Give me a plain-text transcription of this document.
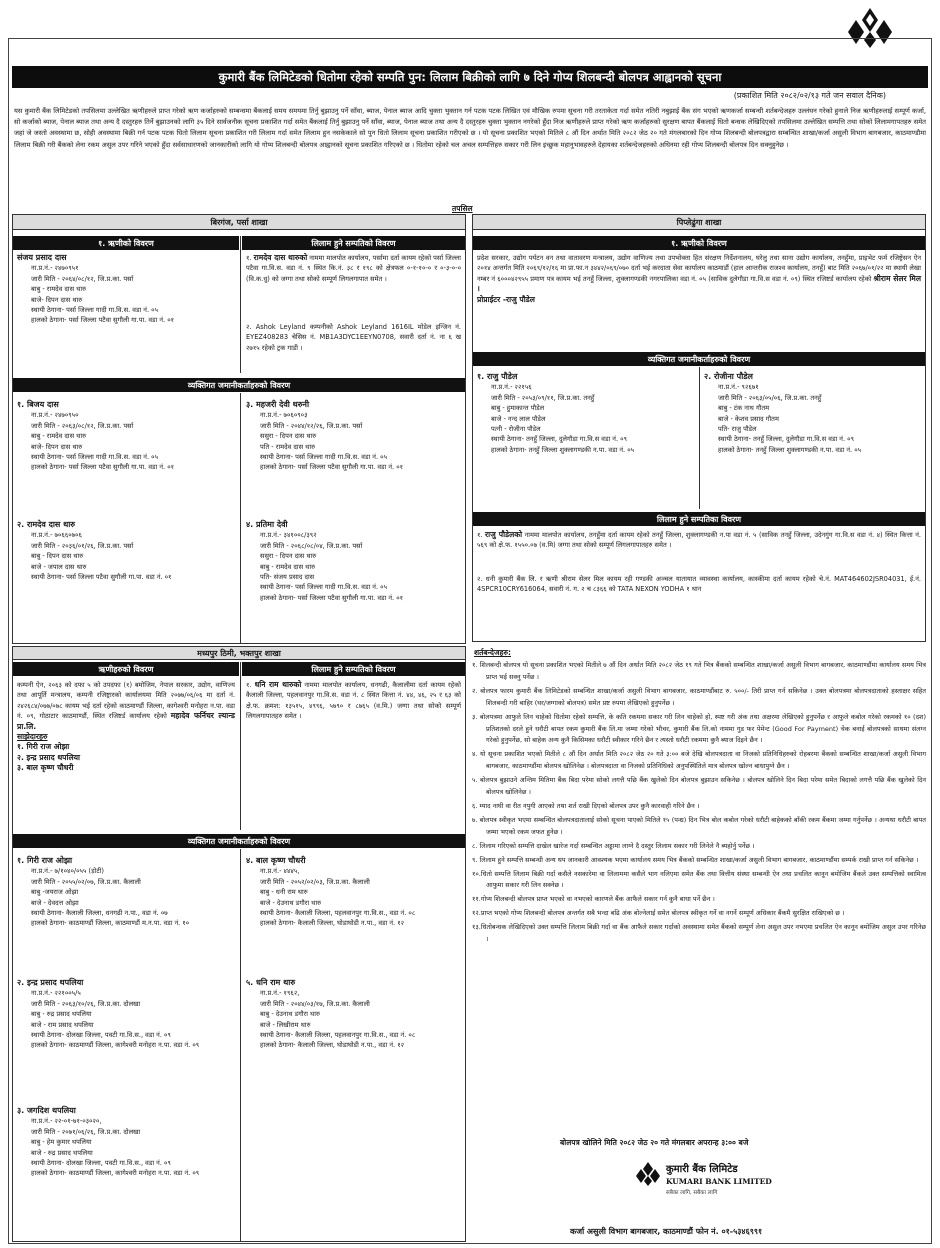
कुमारी बैंक लिमिटेडको धितोमा रहेको सम्पति पुन: लिलाम बिक्रीको लागि ७ दिने गोप्य शिलबन्दी बोलपत्र आह्वानको सूचना
(प्रकाशित मिति २०८२/०२/१३ गते जन सवाल दैनिक)

यस कुमारी बैंक लिमिटेडको तपसिलमा उल्लेखित ऋणीहरुले प्राप्त गरेको ऋण कर्जाहरुको सम्बन्धमा बैंकलाई समय समयमा तिर्नु बुझाउनु पर्ने साँवा, ब्याज, पेनाल ब्याज आदि चुक्ता भुक्तान गर्न पटक पटक लिखित एवं मौखिक रुपमा सूचना गरी तरताकेता गर्दा समेत नतिरी नबुझाई बैंक संग भएको ऋणकर्जा सम्बन्धी शर्तबन्देजहरु उल्लंघन गरेको हुनाले निज ऋणीहरुलाई सम्पूर्ण कर्जा, सो कर्जाको ब्याज, पेनाल ब्याज तथा अन्य दै दस्तुरहरु तिर्ने बुझाउनको लागि ३५ दिने सार्वजनीक सूचना प्रकाशित गर्दा समेत बैंकलाई तिर्नु बुझाउनु पर्ने साँवा, ब्याज, पेनाल ब्याज तथा अन्य दै दस्तुरहरु चुक्ता भुक्तान नगरेको हुँदा निज ऋणीहरुले प्राप्त गरेको ऋण कर्जाहरुको सुरक्षण बापत बैंकलाई धितो बन्धक लेखिदिएको तपसिलमा उल्लेखित सम्पत्ति तथा सोको लिलामगापतहरु समेत जहां जे जस्तो अवस्थामा छ, सोही अवस्थामा बिक्री गर्न पटक पटक धितो लिलाम सूचना प्रकाशित गरी लिलाम गर्दा समेत लिलाम हुन नसकेकाले सो पुन धितो लिलाम सूचना प्रकाशित गरीएको छ । यो सूचना प्रकाशित भएको मितिले ८ औं दिन अर्थात मिति २०८२ जेठ २० गते मंगलबारको दिन गोप्य शिलबन्दी बोलपत्रद्वारा सम्बन्धित शाखा/कर्जा असुली विभाग बागबजार, काठमाण्डौमा लिलाम बिक्री गरी बैंकको लेना रकम असुल उपर गरिने भएको हुँदा सर्वसाधारणको जानकारीको लागि यो गोप्य शिलबन्दी बोलपत्र आह्वानको सूचना प्रकाशित गरिएको छ । धितोमा रहेको चल अचल सम्पत्तिहरु सकार गरी लिन इच्छुक महानुभावहरुले देहायका शर्तबन्देजहरुको अधिनमा रही गोप्य शिलबन्दी बोलपत्र दिन सक्नुहुनेछ ।

तपसिल
बिरगंज, पर्सा शाखा
१. ऋणीको विवरण	लिलाम हुने सम्पतिको विवरण
संजय प्रसाद दास
ना.प्र.नं.- २४७०९५१
जारी मिति - २०६४/०८/१२, जि.प्र.का. पर्सा
बाबु - रामदेव दास थारु
बाजे- दिपन दास थारु
स्थायी ठेगाना- पर्सा जिल्ला गादी गा.वि.स. वडा नं. ०५
हालको ठेगाना- पर्सा जिल्ला पटैवा सुगौली गा.पा. वडा नं. ०१
१. रामदेव दास थारुको नाममा मालपोत कार्यालय, पर्सामा दर्ता कायम रहेको पर्सा जिल्ला पटैवा गा.वि.स. वडा नं. ९ स्थित कि.नं. ३८ र १९८ को क्षेत्रफल ०-१-१०-० र ०-३-०-० (वि.क.धु) को जग्गा तथा सोको सम्पूर्ण लिगलगापात समेत ।
२. Ashok Leyland कम्पनीको Ashok Leyland 1616IL मोडेल इन्जिन नं. EYEZ408283 चेसिस नं. MB1A3DYC1EEYN0708, सवारी दर्ता नं. ना ६ ख २७१५ रहेको ट्रक गाडी ।
व्यक्तिगत जमानीकर्ताहरुको विवरण
१. बिजय दास
ना.प्र.नं.- २४७०९५०
जारी मिति - २०६३/०८/१२, जि.प्र.का. पर्सा
बाबु - रामदेव दास थारु
बाजे- दिपन दास थारु
स्थायी ठेगाना- पर्सा जिल्ला गादी गा.वि.स. वडा नं. ०५
हालको ठेगाना- पर्सा जिल्ला पटैवा सुगौली गा.पा. वडा नं. ०१
३. महजरी देवी थरुनी
ना.प्र.नं.- ७०६०९०३
जारी मिति - २०४४/१२/२६, जि.प्र.का. पर्सा
ससुरा - दिपन दास थारु
पति - रामदेव दास थारु
स्थायी ठेगाना- पर्सा जिल्ला गादी गा.वि.स. वडा नं. ०५
हालको ठेगाना- पर्सा जिल्ला पटैवा सुगौली गा.पा. वडा नं. ०१
२. रामदेव दास थारु
ना.प्र.नं.- ७०६६०७०६
जारी मिति - २०३६/०१/२६, जि.प्र.का. पर्सा
बाबु - दिपन दास थारु
बाजे - जपाल दास थारु
स्थायी ठेगाना- पर्सा जिल्ला पटैवा सुगौली गा.पा. वडा नं. ०१
४. प्रतिमा देवी
ना.प्र.नं.- ३४१००८/३९२
जारी मिति - २०६८/०८/०४, जि.प्र.का. पर्सा
ससुरा - दिपन दास थारु
बाबु - रामदेव दास थारु
पति- संजय प्रसाद दास
स्थायी ठेगाना- पर्सा जिल्ला गादी गा.वि.स. वडा नं. ०५
हालको ठेगाना- पर्सा जिल्ला पटैवा सुगौली गा.पा. वडा नं. ०१
मध्यपुर ठिमी, भक्तपुर शाखा
ऋणीहरुको विवरण	लिलाम हुने सम्पतिको विवरण
कम्पनी ऐन, २०६३ को दफा ५ को उपदफा (१) बमोजिम, नेपाल सरकार, उद्योग, वाणिज्य तथा आपूर्ति मन्त्रालय, कम्पनी रजिष्ट्रारको कार्यालयमा मिति २०७७/०६/०६ मा दर्ता नं. २४२६८४/०७७/०७८ कायम भई दर्ता रहेको काठमाण्डौं जिल्ला, कागेश्वरी मनोहरा न.पा. वडा नं. ०९, गोठाटार काठमाण्डौं, स्थित रजिष्टर्ड कार्यालय रहेको महादेव फर्निचर ल्यान्ड प्रा.लि.
साझेदारहरु
१. गिरी राज ओझा
२. इन्द्र प्रसाद थपलिया
३. बाल कृष्ण चौधरी
१. धनि राम थारुको नाममा मालपोत कार्यालय, धनगढी, कैलालीमा दर्ता कायम रहेको कैलाली जिल्ला, पहलवानपुर गा.वि.स. वडा नं. ८ स्थित कित्ता नं. ४४, ४६, २५ र ६३ को क्षे.फ. क्रमश: १३५१५, ४९९६, ५७९० र ८७६५ (व.मि.) जग्गा तथा सोको सम्पूर्ण लिगलगापातहरु समेत ।
व्यक्तिगत जमानीकर्ताहरुको विवरण
१. गिरी राज ओझा
ना.प्र.नं.- ७/१०४०/०५५ (ड़ोटी)
जारी मिति - २०५५/०२/०७, जि.प्र.का. कैलाली
बाबु -जयराज ओझा
बाजे - देवदत्त ओझा
स्थायी ठेगाना- कैलाली जिल्ला, धनगढी न.पा., वडा नं. ०७
हालको ठेगाना- काठमाण्डौं जिल्ला, काठमाण्डौं म.न.पा. वडा नं. १०
२. इन्द्र प्रसाद थपलिया
ना.प्र.नं.- २२१००५/५
जारी मिति - २०६३/१०/२६, जि.प्र.का. दोलखा
बाबु - रुद्र प्रसाद थपलिया
बाजे - राम प्रसाद थपलिया
स्थायी ठेगाना- दोलखा जिल्ला, पवटी गा.वि.स., वडा नं. ०९
हालको ठेगाना- काठमाण्डौं जिल्ला, कागेश्वरी मनोहरा न.पा. वडा नं. ०९
३. जगदिश थपलिया
ना.प्र.नं.- २२-०१-७१-०३०२०,
जारी मिति - २०७१/०६/२६, जि.प्र.का. दोलखा
बाबु - हेम कुमार थपलिया
बाजे - रुद्र प्रसाद थपलिया
स्थायी ठेगाना- दोलखा जिल्ला, पवटी गा.वि.स., वडा नं. ०९
हालको ठेगाना- काठमाण्डौं जिल्ला, कागेश्वरी मनोहरा न.पा. वडा नं. ०९
४. बाल कृष्ण चौधरी
ना.प्र.नं.- ४४४५,
जारी मिति - २०५२/०२/०३, जि.प्र.का. कैलाली
बाबु - धनी राम थारु
बाजे - देउनाथ डगौरा थारु
स्थायी ठेगाना- कैलाली जिल्ला, पहलवानपुर गा.वि.स., वडा नं. ०८
हालको ठेगाना- कैलाली जिल्ला, घोडाघोडी न.पा., वडा नं. १२
५. धनि राम थारु
ना.प्र.नं.- १९६२,
जारी मिति - २०४४/०३/१७, जि.प्र.का. कैलाली
बाबु - देउनाथ डगौरा थारु
बाजे - लिखीराम थारु
स्थायी ठेगाना- कैलाली जिल्ला, पहलवानपुर गा.वि.स., वडा नं. ०८
हालको ठेगाना- कैलाली जिल्ला, घोडाघोडी न.पा., वडा नं. १२
पिप्लेढुंगा शाखा
१. ऋणीको विवरण
प्रदेश सरकार, उद्योग पर्यटन वन तथा वातावरण मन्त्रालय, उद्योग वाणिज्य तथा उपभोक्ता हित संरक्षण निर्देशनालय, घरेलु तथा साना उद्योग कार्यालय, तनहुँमा, प्राइभेट फर्म रजिष्ट्रेसन ऐन २०१४ अन्तर्गत मिति २०६९/१२/१६ मा प्रा.फा.न ३४४२/०६९/०७० दर्ता भई करदाता सेवा कार्यालय काठमाडौं (हाल आन्तरीक राजश्व कार्यालय, तनहुँ) बाट मिति २०६७/०१/२२ मा स्थायी लेखा नम्बर नं ६०००४२९५५ प्रमाण पत्र कायम भई तनहुँ जिल्ला, शुक्लागण्डकी नगरपालिका वडा नं. ०५ (साविक दुलेगौडा गा.वि.स वडा नं. ०९) स्थित रजिष्टर्ड कार्यालय रहेको श्रीराम सेलर मिल ।
प्रोप्राईटर -राजु पौडेल
व्यक्तिगत जमानीकर्ताहरुको विवरण
१. राजु पौडेल
ना.प्र.नं.- २२१५६
जारी मिति - २०५३/०९/११, जि.प्र.का. तनहुँ
बाबु - हुमाकान्त पौडेल
बाजे - नन्द लाल पौडेल
पत्नी - रोजीना पौडेल
स्थायी ठेगाना- तनहुँ जिल्ला, दुलेगौडा गा.वि.स वडा नं. ०९
हालको ठेगाना- तनहुँ जिल्ला शुक्लागण्डकी न.पा. वडा नं. ०५
२. रोजीना पौडेल
ना.प्र.नं.- ९२६७१
जारी मिति - २०६३/०५/०६, जि.प्र.का. तनहुँ
बाबु - टंक नाथ गौतम
बाजे - केशव प्रसाद गौतम
पति- राजु पौडेल
स्थायी ठेगाना- तनहुँ जिल्ला, दुलेगौडा गा.वि.स वडा नं. ०९
हालको ठेगाना- तनहुँ जिल्ला शुक्लागण्डकी न.पा. वडा नं. ०५
लिलाम हुने सम्पतिका विवरण
१. राजु पौडेलको नाममा मालपोत कार्यालय, तनहुँमा दर्ता कायम रहेको तनहुँ जिल्ला, शुक्लागण्डकी न.पा वडा नं. ५ (साविक तनहुँ जिल्ला, उदेनगुंग गा.वि.स वडा नं. ४) स्थित कित्ता नं. ५६९ को क्षे.फ. १५५०.०७ (व.मि) जग्गा तथा सोको सम्पूर्ण लिगलगापातहरु समेत ।
२. धनी कुमारी बैंक लि. र ऋणी श्रीराम सेलर मिल कायम रही गण्डकी अञ्चल यातायात व्यावस्था कार्यालय, कास्कीमा दर्ता कायम रहेको चे.नं. MAT464602JSR04031, ई.नं. 4SPCR10CRY616064, सवारी नं. ग. २ च ८३६६ को TATA NEXON YODHA १ थान
शर्तबन्देजहरु:
१. शिलबन्दी बोलपत्र यो सूचना प्रकाशित भएको मितीले ७ औं दिन अर्थात मिति २०८२ जेठ १९ गते भित्र बैंकको सम्बन्धित शाखा/कर्जा असुली विभाग बागबजार, काठमाण्डौंमा कार्यालय समय भित्र प्राप्त भई सक्नु पर्नेछ ।
२. बोलपत्र फारम कुमारी बैंक लिमिटेडको सम्बन्धित शाखा/कर्जा असुली विभाग बागबजार, काठमाण्डौंबाट रु. ५००/- तिरी प्राप्त गर्न सकिनेछ । उक्त बोलपत्रमा बोलपत्रदाताको हस्ताक्षर सहित शिलबन्दी गरी बाहिर (घर/जग्गाको बोलपत्र) समेत प्रष्ट रुपमा लेखिएको हुनुपर्नेछ ।
३. बोलपत्रमा आफुले लिन चाहेको धितोमा रहेको सम्पत्ति, के कति रकममा सकार गरी लिन चाहेको हो, स्पष्ट गरी अंक तथा अक्षरमा लेखिएको हुनुपर्नेछ र आफुले कबोल गरेको रकमको १० (दश) प्रतिशतको दरले हुने धरौटी बापत रकम कुमारी बैंक लि.मा जम्मा गरेको भौचर, कुमारी बैंक लि.को नाममा गुड फर पेमेन्ट (Good For Payment) चेक बनाई बोलपत्रको साथमा संलग्न गरेको हुनुपर्नेछ, सो बाहेक अन्य कुनै किसिमका धरौटी स्वीकार गरिने छैन र त्यस्तो धरौटी रकममा कुनै ब्याज दिइने छैन ।
४. यो सूचना प्रकाशित भएको मितीले ८ औं दिन अर्थात मिति २०८२ जेठ २० गते ३:०० बजे देखि बोलपत्रदाता वा निजको प्रतिनिधिहरुको रोहबरमा बैंकको सम्बन्धित शाखा/कर्जा असुली विभाग बागबजार, काठमाण्डौंमा बोलपत्र खोलिनेछ । बोलपत्रदाता वा निजको प्रतिनिधिको अनुपस्थितिले मात्र बोलपत्र खोल्न बाधापुग्ने छैन ।
५. बोलपत्र बुझाउने अन्तिम मितिमा बैंक बिदा परेमा सोको लगत्तै पछि बैंक खुलेको दिन बोलपत्र बुझाउन सकिनेछ । बोलपत्र खोलिने दिन बिदा परेमा समेत बिदाको लगत्तै पछि बैंक खुलेको दिन बोलपत्र खोलिनेछ ।
६. म्याद नाघी वा रीत नपुगी आएको तथा शर्त राखी दिएको बोलपत्र उपर कुनै कारवाही गरिने छैन ।
७. बोलपत्र स्वीकृत भएमा सम्बन्धित बोलपत्रदातालाई सोको सूचना पाएको मितिले १५ (पन्ध्र) दिन भित्र बोल कबोल गरेको धरौटी बाहेकको बाँकी रकम बैंकमा जम्मा गर्नुपर्नेछ । अन्यथा धरौटी बापत जम्मा भएको रकम जफत हुनेछ ।
८. लिलाम गरिएको सम्पत्ति दाखेल खारेज गर्दा सम्बन्धित अड्डामा लाग्ने दै दस्तुर लिलाम सकार गरी लिनेले नै ब्यहोर्नु पर्नेछ ।
९. लिलाम हुने सम्पत्ति सम्बन्धी अन्य थप जानकारी आवश्यक भएमा कार्यालय समय भित्र बैंकको सम्बन्धित शाखा/कर्जा असुली विभाग बागबजार, काठमाण्डौंमा सम्पर्क राखी प्राप्त गर्न सकिनेछ ।
१०.धितो सम्पत्ति लिलाम बिक्री गर्दा कसैले नसकारेमा वा लिलाममा कसैले भाग नलिएमा समेत बैंक तथा वित्तीय संस्था सम्बन्धी ऐन तथा प्रचलित कानून बमोजिम बैंकले उक्त सम्पत्तिको स्वामित्व आफुमा सकार गरी लिन सक्नेछ ।
११.गोप्य शिलबन्दी बोलपत्र प्राप्त भएको वा नभएको कारणले बैंक आफैले सकार गर्न कुनै बाधा पर्ने छैन ।
१२.प्राप्त भएको गोप्य शिलबन्दी बोलपत्र अन्तर्गत सबै भन्दा बढि अंक बोल्नेलाई समेत बोलपत्र स्वीकृत गर्ने वा नगर्ने सम्पूर्ण अधिकार बैंकमै सुरक्षित राखिएको छ ।
१३.धितोबन्धक लेखिदिएको उक्त सम्पत्ति लिलाम बिक्री गर्दा वा बैंक आफैले सकार गर्दाको अवस्थामा समेत बैंकको सम्पूर्ण लेना असुल उपर नभएमा प्रचलित ऐन कानून बमोजिम असुल उपर गरिनेछ ।
बोलपत्र खोलिने मिति २०८२ जेठ २० गते मंगलबार अपरान्ह ३:०० बजे
कुमारी बैंक लिमिटेड
KUMARI BANK LIMITED
सबैका लागि, सबैका लागि
कर्जा असुली विभाग बागबजार, काठमाण्डौं फोन नं. ०१-५३४६९९१
